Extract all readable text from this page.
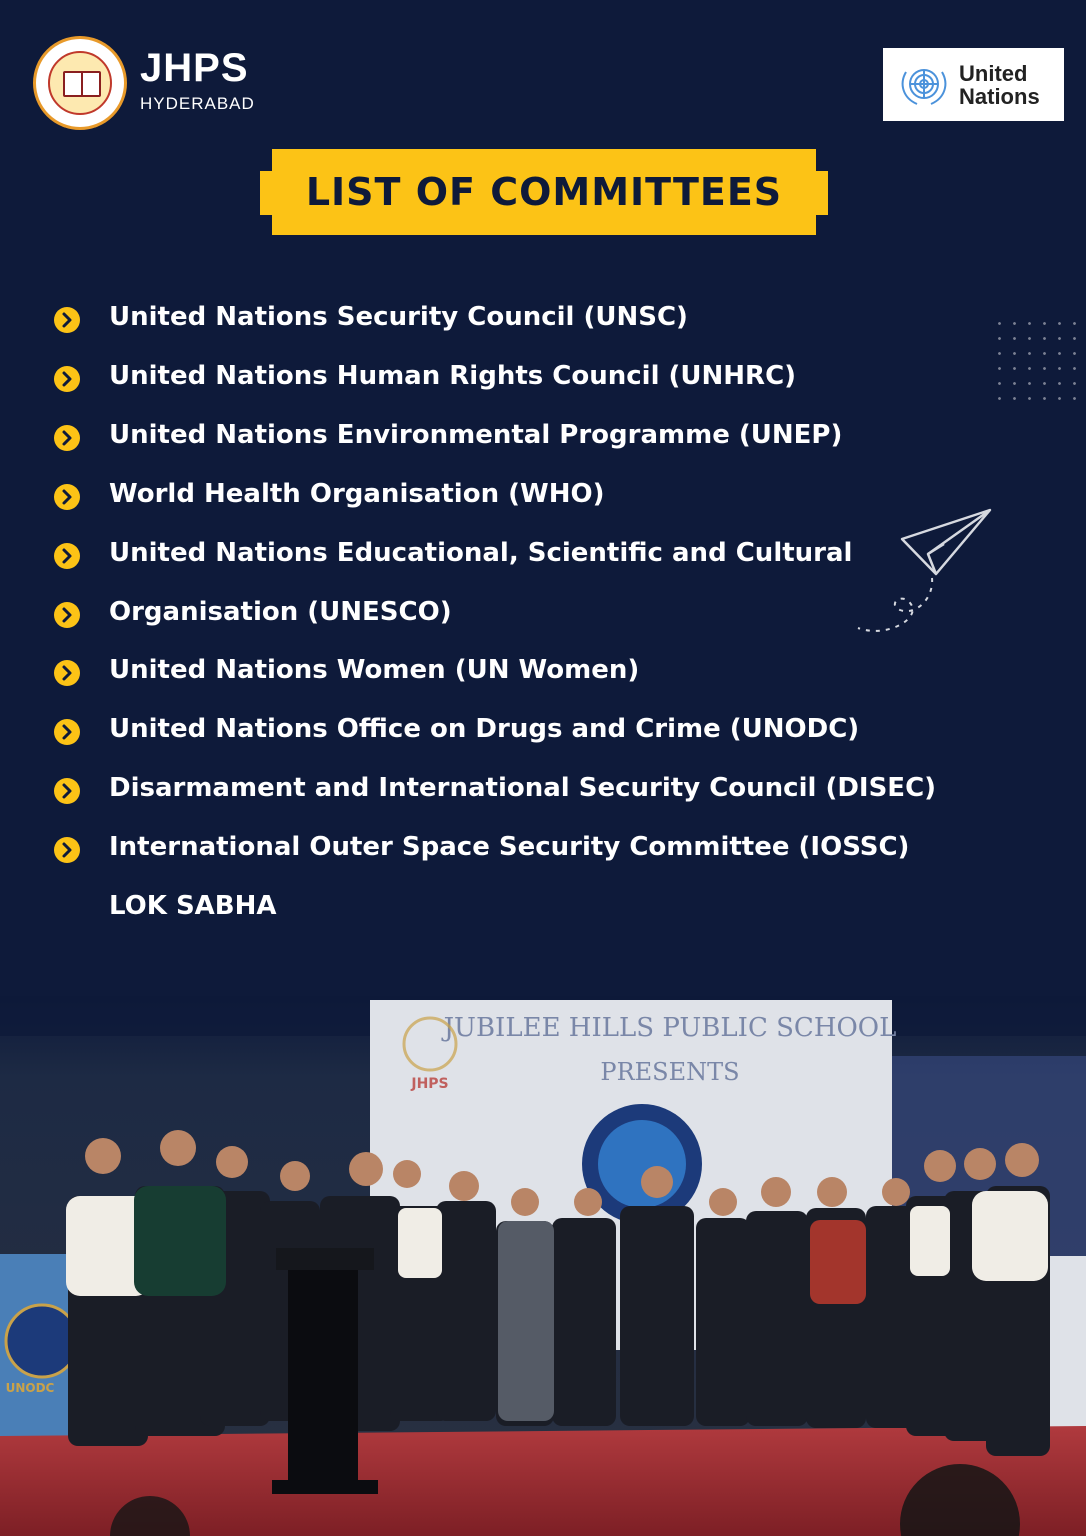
JHPS
HYDERABAD
United
Nations
LIST OF COMMITTEES
United Nations Security Council (UNSC)
United Nations Human Rights Council (UNHRC)
United Nations Environmental Programme (UNEP)
World Health Organisation (WHO)
United Nations Educational, Scientific and Cultural
Organisation (UNESCO)
United Nations Women (UN Women)
United Nations Office on Drugs and Crime (UNODC)
Disarmament and International Security Council (DISEC)
International Outer Space Security Committee (IOSSC)
LOK SABHA
JUBILEE HILLS PUBLIC SCHOOL
PRESENTS
JHPS
UNODC
